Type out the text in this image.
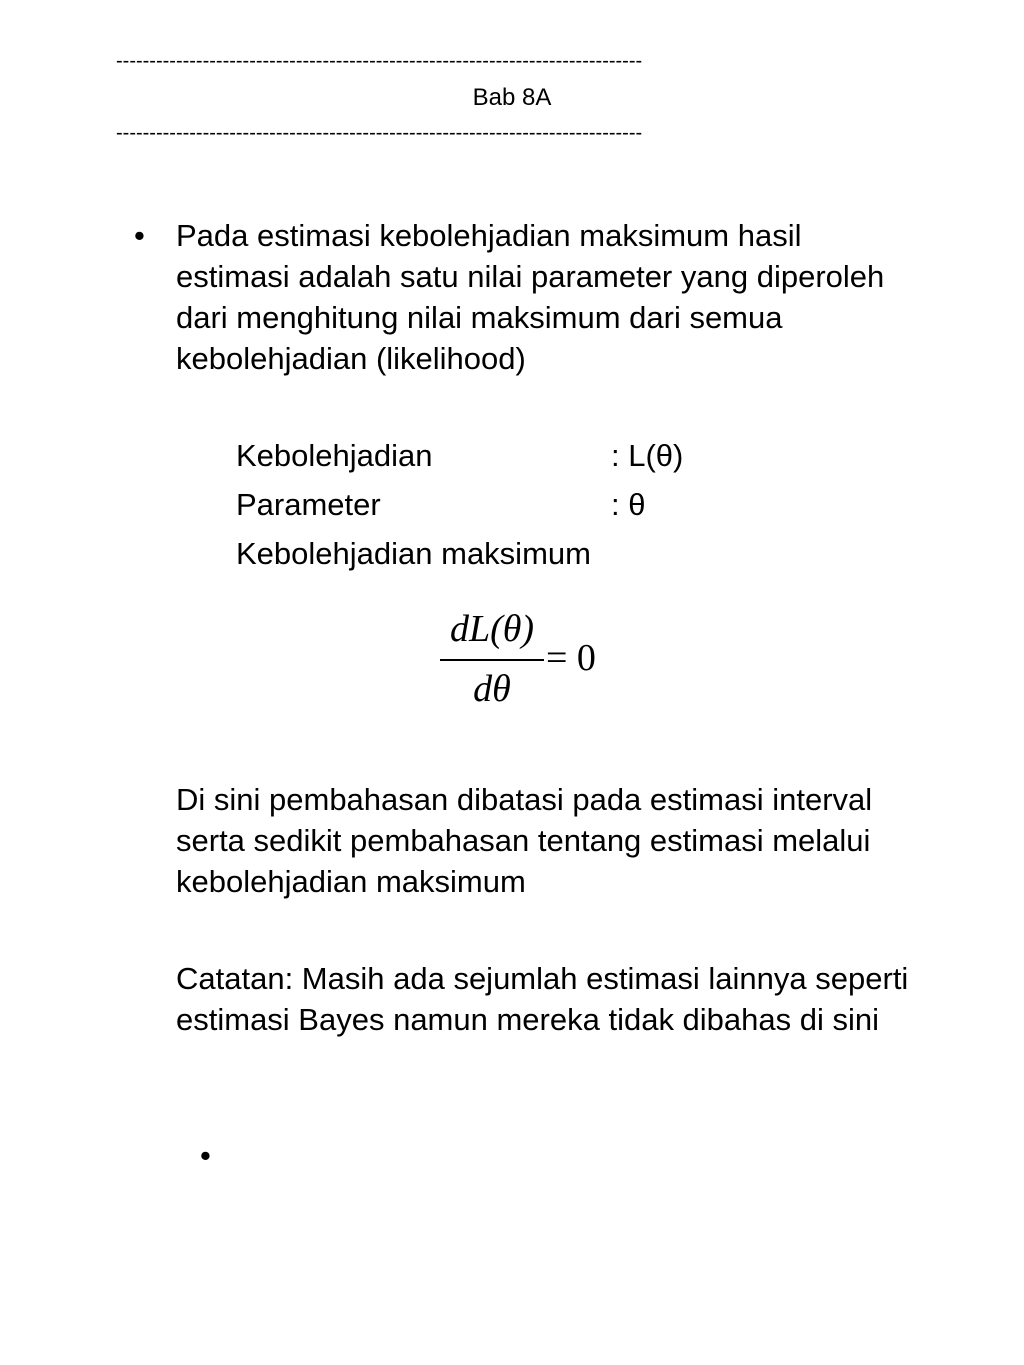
-------------------------------------------------------------------------------
Bab 8A
-------------------------------------------------------------------------------
• Pada estimasi kebolehjadian maksimum hasil estimasi adalah satu nilai parameter yang diperoleh dari menghitung nilai maksimum dari semua kebolehjadian (likelihood)
Kebolehjadian	: L(θ)
Parameter	: θ
Kebolehjadian maksimum
dL(θ)
dθ
= 0
Di sini pembahasan dibatasi pada estimasi interval serta sedikit pembahasan tentang estimasi melalui kebolehjadian maksimum
Catatan: Masih ada sejumlah estimasi lainnya seperti estimasi Bayes namun mereka tidak dibahas di sini
•
